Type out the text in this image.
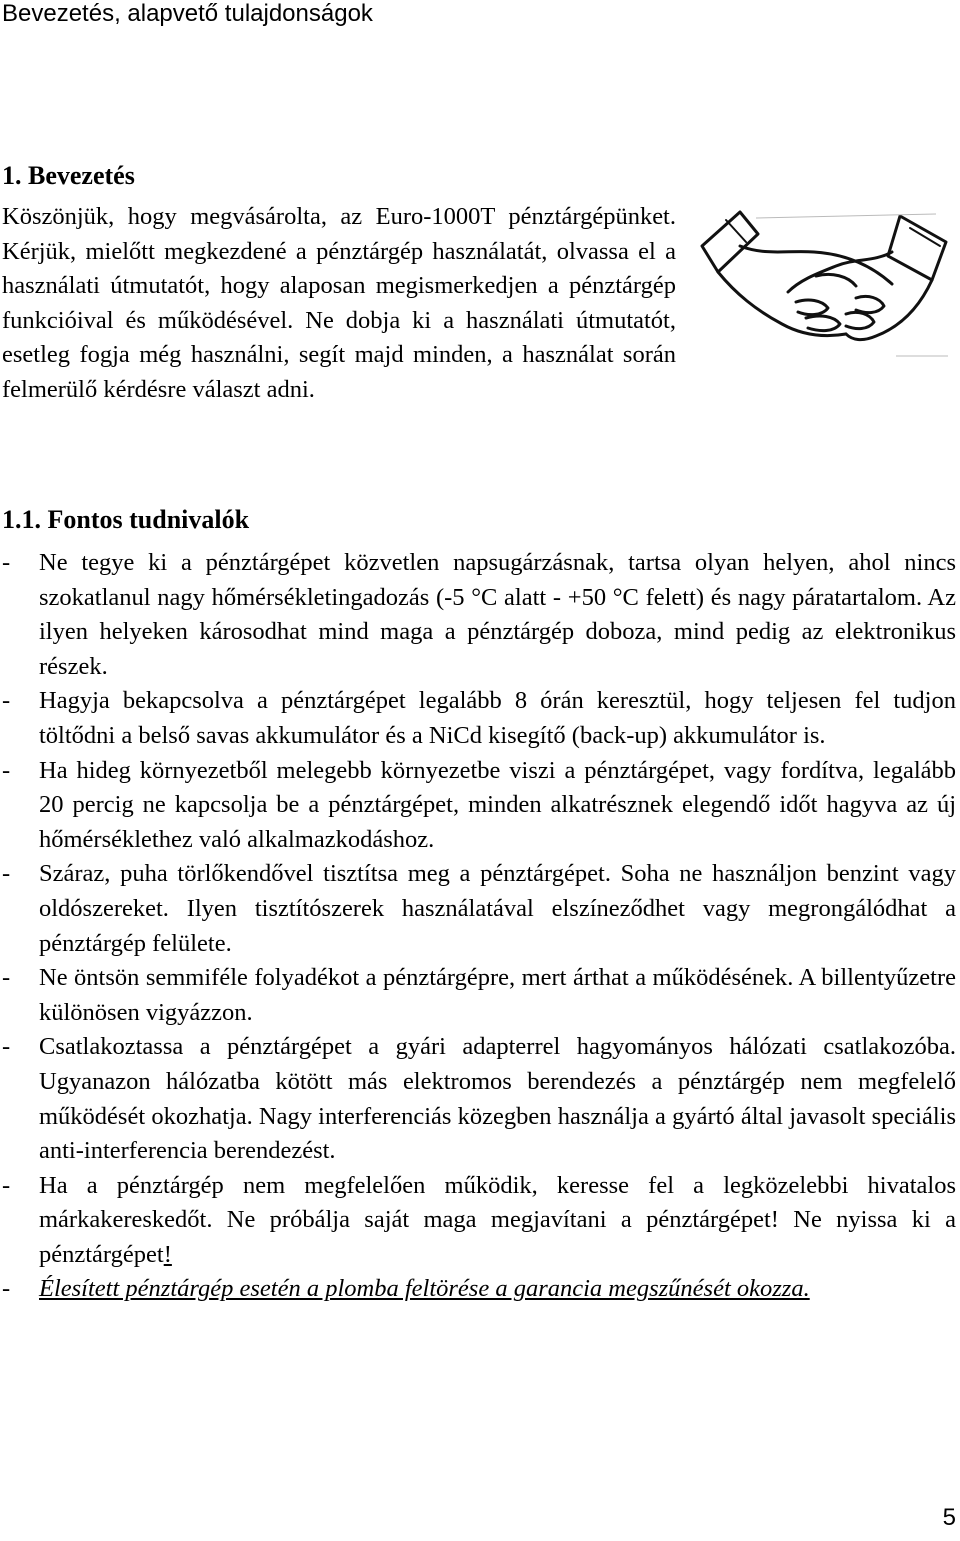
Bevezetés, alapvető tulajdonságok
1. Bevezetés
Köszönjük, hogy megvásárolta, az Euro-1000T pénztárgépünket. Kérjük, mielőtt megkezdené a pénztárgép használatát, olvassa el a használati útmutatót, hogy alaposan megismerkedjen a pénztárgép funkcióival és működésével. Ne dobja ki a használati útmutatót, esetleg fogja még használni, segít majd minden, a használat során felmerülő kérdésre választ adni.
1.1. Fontos tudnivalók
- Ne tegye ki a pénztárgépet közvetlen napsugárzásnak, tartsa olyan helyen, ahol nincs szokatlanul nagy hőmérsékletingadozás (-5 °C alatt - +50 °C felett) és nagy páratartalom. Az ilyen helyeken károsodhat mind maga a pénztárgép doboza, mind pedig az elektronikus részek.
- Hagyja bekapcsolva a pénztárgépet legalább 8 órán keresztül, hogy teljesen fel tudjon töltődni a belső savas akkumulátor és a NiCd kisegítő (back-up) akkumulátor is.
- Ha hideg környezetből melegebb környezetbe viszi a pénztárgépet, vagy fordítva, legalább 20 percig ne kapcsolja be a pénztárgépet, minden alkatrésznek elegendő időt hagyva az új hőmérséklethez való alkalmazkodáshoz.
- Száraz, puha törlőkendővel tisztítsa meg a pénztárgépet. Soha ne használjon benzint vagy oldószereket. Ilyen tisztítószerek használatával elszíneződhet vagy megrongálódhat a pénztárgép felülete.
- Ne öntsön semmiféle folyadékot a pénztárgépre, mert árthat a működésének. A billentyűzetre különösen vigyázzon.
- Csatlakoztassa a pénztárgépet a gyári adapterrel hagyományos hálózati csatlakozóba. Ugyanazon hálózatba kötött más elektromos berendezés a pénztárgép nem megfelelő működését okozhatja. Nagy interferenciás közegben használja a gyártó által javasolt speciális anti-interferencia berendezést.
- Ha a pénztárgép nem megfelelően működik, keresse fel a legközelebbi hivatalos márkakereskedőt. Ne próbálja saját maga megjavítani a pénztárgépet! Ne nyissa ki a pénztárgépet!
- Élesített pénztárgép esetén a plomba feltörése a garancia megszűnését okozza.
5
